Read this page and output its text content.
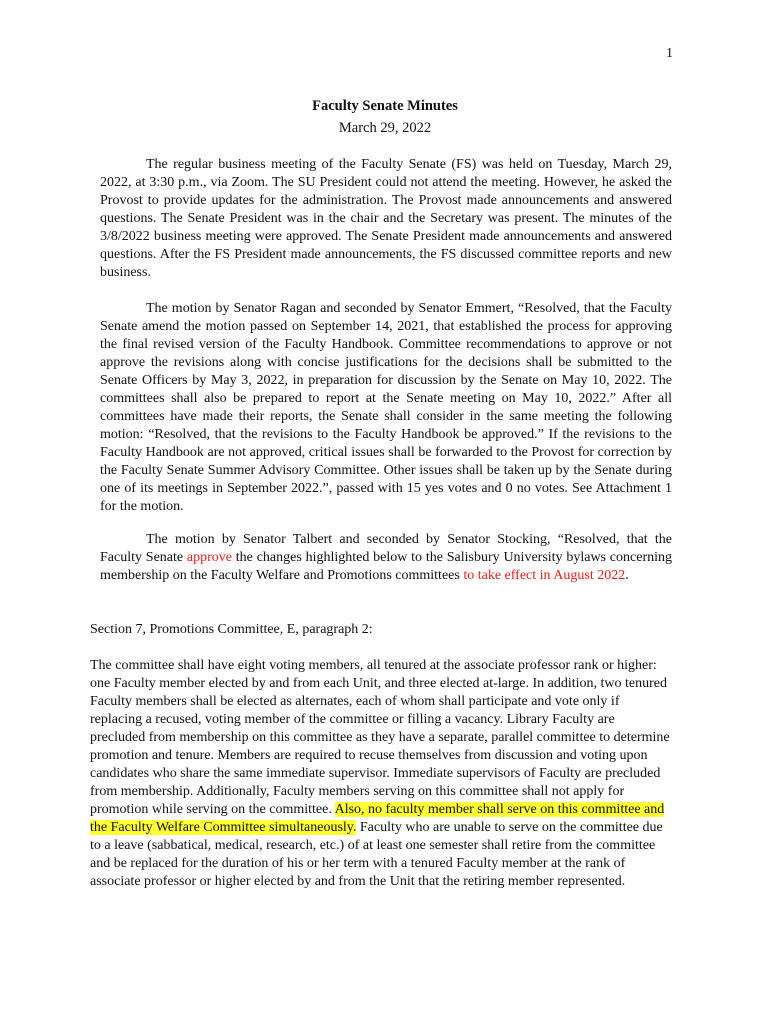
1
Faculty Senate Minutes
March 29, 2022

The regular business meeting of the Faculty Senate (FS) was held on Tuesday, March 29, 2022, at 3:30 p.m., via Zoom. The SU President could not attend the meeting. However, he asked the Provost to provide updates for the administration. The Provost made announcements and answered questions. The Senate President was in the chair and the Secretary was present. The minutes of the 3/8/2022 business meeting were approved. The Senate President made announcements and answered questions. After the FS President made announcements, the FS discussed committee reports and new business.

The motion by Senator Ragan and seconded by Senator Emmert, “Resolved, that the Faculty Senate amend the motion passed on September 14, 2021, that established the process for approving the final revised version of the Faculty Handbook. Committee recommendations to approve or not approve the revisions along with concise justifications for the decisions shall be submitted to the Senate Officers by May 3, 2022, in preparation for discussion by the Senate on May 10, 2022. The committees shall also be prepared to report at the Senate meeting on May 10, 2022.” After all committees have made their reports, the Senate shall consider in the same meeting the following motion: “Resolved, that the revisions to the Faculty Handbook be approved.” If the revisions to the Faculty Handbook are not approved, critical issues shall be forwarded to the Provost for correction by the Faculty Senate Summer Advisory Committee. Other issues shall be taken up by the Senate during one of its meetings in September 2022.”, passed with 15 yes votes and 0 no votes. See Attachment 1 for the motion.

The motion by Senator Talbert and seconded by Senator Stocking, “Resolved, that the Faculty Senate approve the changes highlighted below to the Salisbury University bylaws concerning membership on the Faculty Welfare and Promotions committees to take effect in August 2022.

Section 7, Promotions Committee, E, paragraph 2:

The committee shall have eight voting members, all tenured at the associate professor rank or higher: one Faculty member elected by and from each Unit, and three elected at-large. In addition, two tenured Faculty members shall be elected as alternates, each of whom shall participate and vote only if replacing a recused, voting member of the committee or filling a vacancy. Library Faculty are precluded from membership on this committee as they have a separate, parallel committee to determine promotion and tenure. Members are required to recuse themselves from discussion and voting upon candidates who share the same immediate supervisor. Immediate supervisors of Faculty are precluded from membership. Additionally, Faculty members serving on this committee shall not apply for promotion while serving on the committee. Also, no faculty member shall serve on this committee and the Faculty Welfare Committee simultaneously. Faculty who are unable to serve on the committee due to a leave (sabbatical, medical, research, etc.) of at least one semester shall retire from the committee and be replaced for the duration of his or her term with a tenured Faculty member at the rank of associate professor or higher elected by and from the Unit that the retiring member represented.
